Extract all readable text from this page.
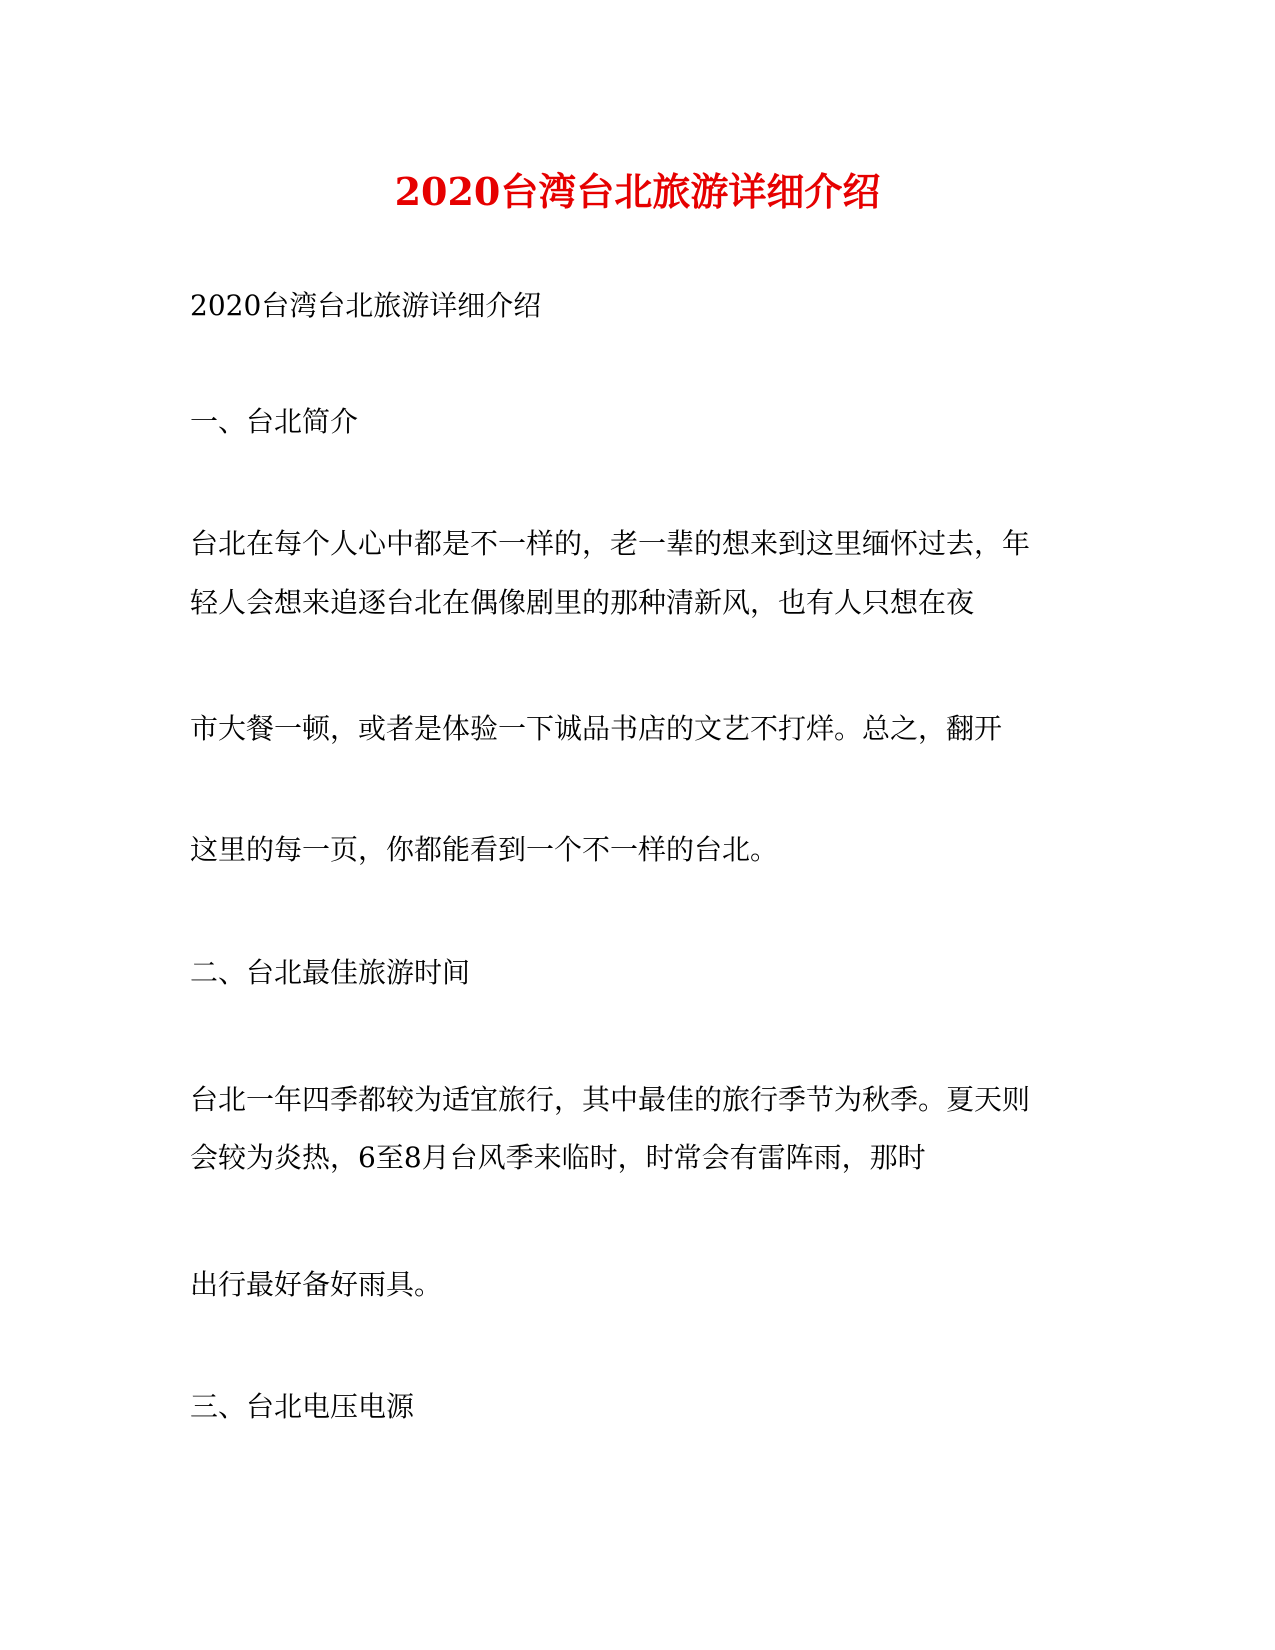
2020台湾台北旅游详细介绍

2020台湾台北旅游详细介绍

一、台北简介

台北在每个人心中都是不一样的，老一辈的想来到这里缅怀过去，年

轻人会想来追逐台北在偶像剧里的那种清新风，也有人只想在夜

市大餐一顿，或者是体验一下诚品书店的文艺不打烊。总之，翻开

这里的每一页，你都能看到一个不一样的台北。

二、台北最佳旅游时间

台北一年四季都较为适宜旅行，其中最佳的旅行季节为秋季。夏天则

会较为炎热，6至8月台风季来临时，时常会有雷阵雨，那时

出行最好备好雨具。

三、台北电压电源
